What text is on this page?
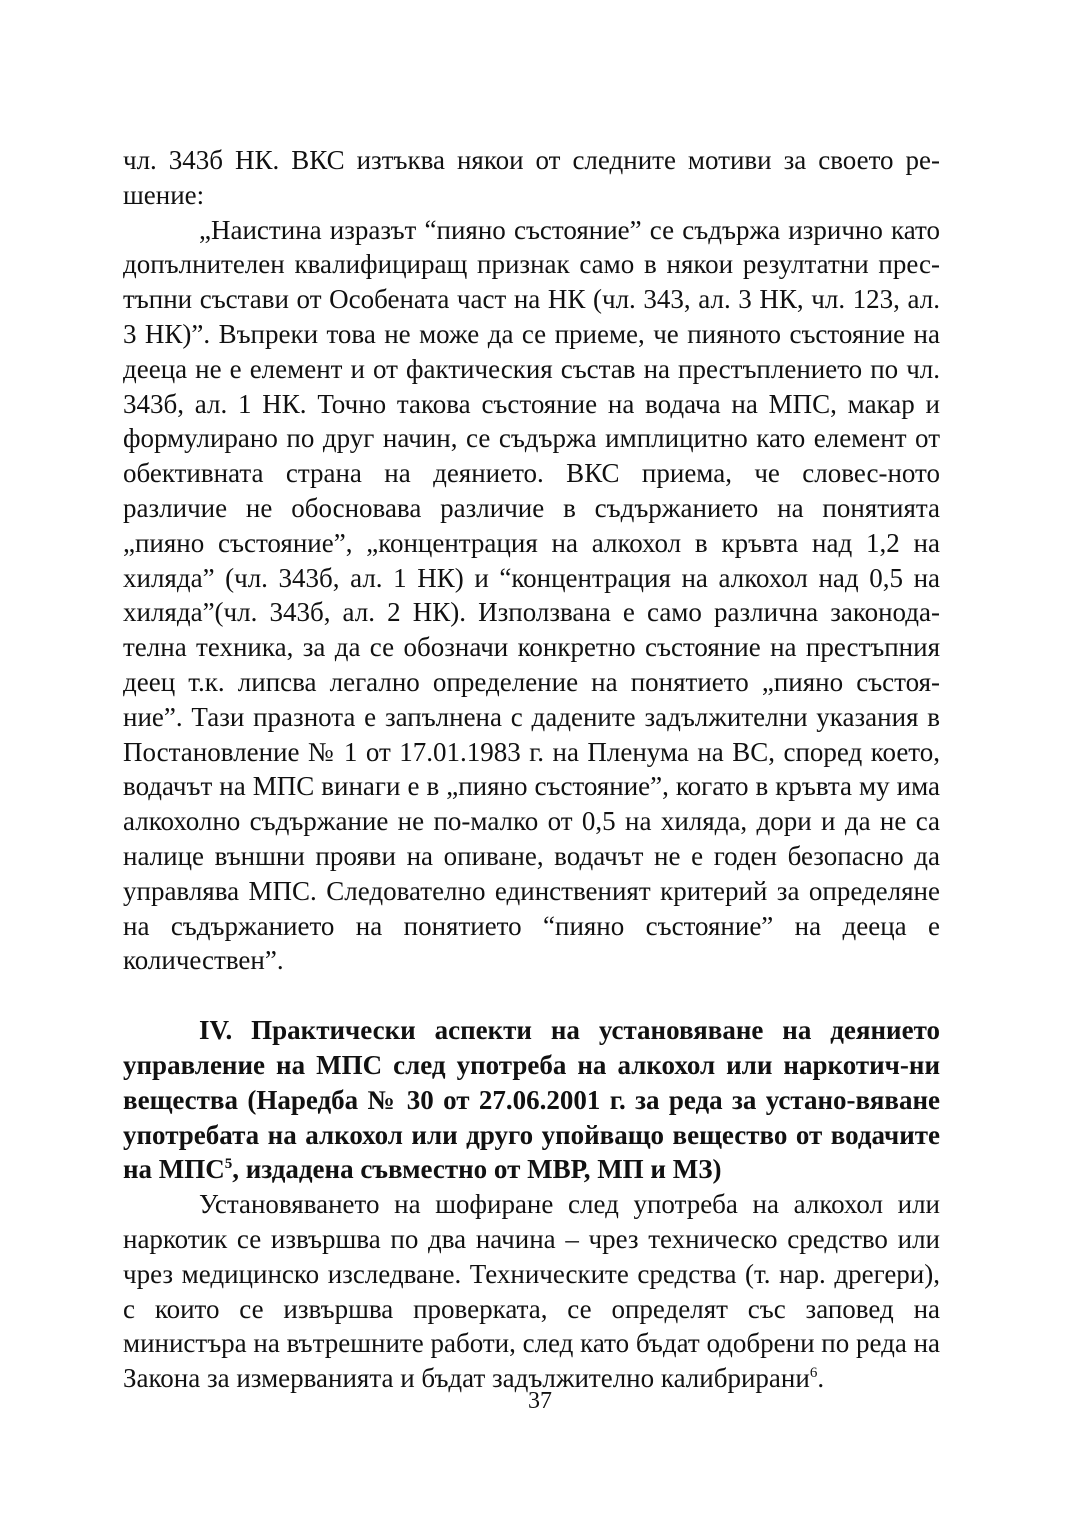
чл. 343б НК. ВКС изтъква някои от следните мотиви за своето ре-шение:

„Наистина изразът “пияно състояние” се съдържа изрично като допълнителен квалифициращ признак само в някои резултатни прес-тъпни състави от Особената част на НК (чл. 343, ал. 3 НК, чл. 123, ал. 3 НК)”. Въпреки това не може да се приеме, че пияното състояние на дееца не е елемент и от фактическия състав на престъплението по чл. 343б, ал. 1 НК. Точно такова състояние на водача на МПС, макар и формулирано по друг начин, се съдържа имплицитно като елемент от обективната страна на деянието. ВКС приема, че словес-ното различие не обосновава различие в съдържанието на понятията „пияно състояние”, „концентрация на алкохол в кръвта над 1,2 на хиляда” (чл. 343б, ал. 1 НК) и “концентрация на алкохол над 0,5 на хиляда”(чл. 343б, ал. 2 НК). Използвана е само различна законода-телна техника, за да се обозначи конкретно състояние на престъпния деец т.к. липсва легално определение на понятието „пияно състоя-ние”. Тази празнота е запълнена с дадените задължителни указания в Постановление № 1 от 17.01.1983 г. на Пленума на ВС, според което, водачът на МПС винаги е в „пияно състояние”, когато в кръвта му има алкохолно съдържание не по-малко от 0,5 на хиляда, дори и да не са налице външни прояви на опиване, водачът не е годен безопасно да управлява МПС. Следователно единственият критерий за определяне на съдържанието на понятието “пияно състояние” на дееца е количествен”.

IV. Практически аспекти на установяване на деянието управление на МПС след употреба на алкохол или наркотич-ни вещества (Наредба № 30 от 27.06.2001 г. за реда за устано-вяване употребата на алкохол или друго упойващо вещество от водачите на МПС$^5$, издадена съвместно от МВР, МП и МЗ)

Установяването на шофиране след употреба на алкохол или наркотик се извършва по два начина – чрез техническо средство или чрез медицинско изследване. Техническите средства (т. нар. дрегери), с които се извършва проверката, се определят със заповед на министъра на вътрешните работи, след като бъдат одобрени по реда на Закона за измерванията и бъдат задължително калибрирани$^6$.

37
